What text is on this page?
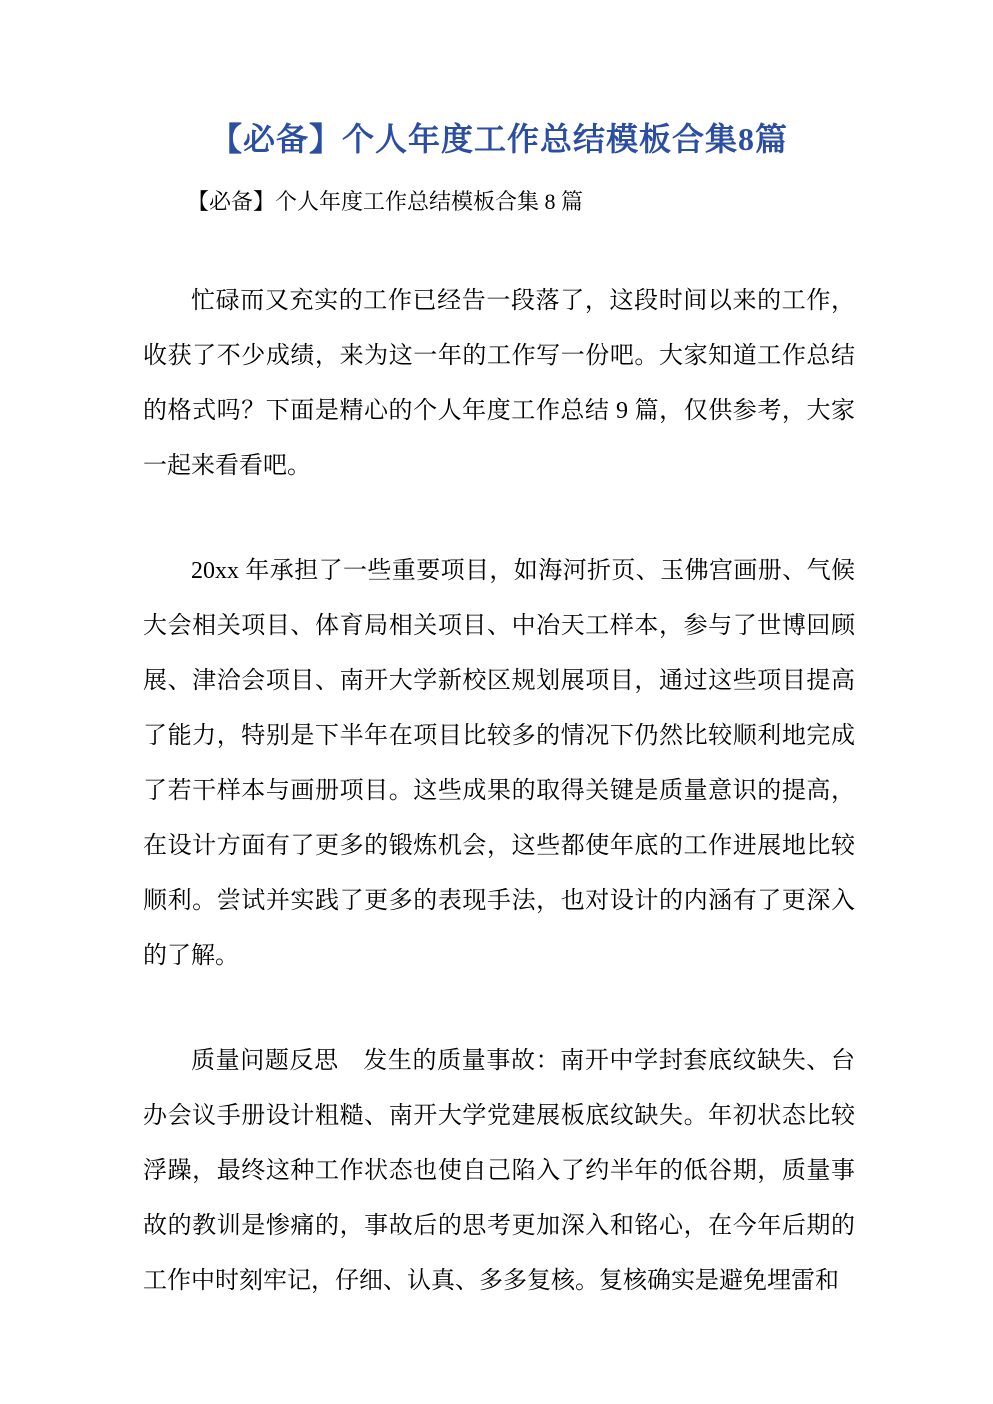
【必备】个人年度工作总结模板合集8篇

【必备】个人年度工作总结模板合集 8 篇

忙碌而又充实的工作已经告一段落了，这段时间以来的工作，收获了不少成绩，来为这一年的工作写一份吧。大家知道工作总结的格式吗？下面是精心的个人年度工作总结 9 篇，仅供参考，大家一起来看看吧。

20xx 年承担了一些重要项目，如海河折页、玉佛宫画册、气候大会相关项目、体育局相关项目、中冶天工样本，参与了世博回顾展、津洽会项目、南开大学新校区规划展项目，通过这些项目提高了能力，特别是下半年在项目比较多的情况下仍然比较顺利地完成了若干样本与画册项目。这些成果的取得关键是质量意识的提高，在设计方面有了更多的锻炼机会，这些都使年底的工作进展地比较顺利。尝试并实践了更多的表现手法，也对设计的内涵有了更深入的了解。

质量问题反思　发生的质量事故：南开中学封套底纹缺失、台办会议手册设计粗糙、南开大学党建展板底纹缺失。年初状态比较浮躁，最终这种工作状态也使自己陷入了约半年的低谷期，质量事故的教训是惨痛的，事故后的思考更加深入和铭心，在今年后期的工作中时刻牢记，仔细、认真、多多复核。复核确实是避免埋雷和
